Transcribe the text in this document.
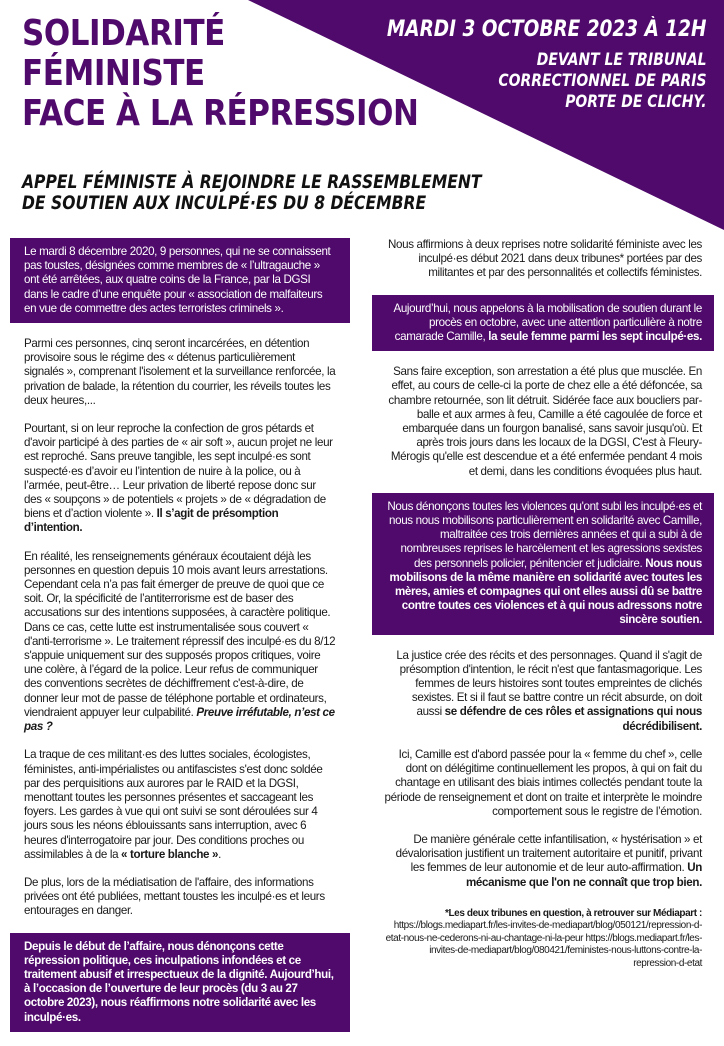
SOLIDARITÉ
FÉMINISTE
FACE À LA RÉPRESSION
MARDI 3 OCTOBRE 2023 À 12H
DEVANT LE TRIBUNAL
CORRECTIONNEL DE PARIS
PORTE DE CLICHY.
APPEL FÉMINISTE À REJOINDRE LE RASSEMBLEMENT
DE SOUTIEN AUX INCULPÉ·ES DU 8 DÉCEMBRE

Le mardi 8 décembre 2020, 9 personnes, qui ne se connaissent pas toustes, désignées comme membres de « l’ultragauche » ont été arrêtées, aux quatre coins de la France, par la DGSI dans le cadre d’une enquête pour « association de malfaiteurs en vue de commettre des actes terroristes criminels ».

Parmi ces personnes, cinq seront incarcérées, en détention provisoire sous le régime des « détenus particulièrement signalés », comprenant l'isolement et la surveillance renforcée, la privation de balade, la rétention du courrier, les réveils toutes les deux heures,...

Pourtant, si on leur reproche la confection de gros pétards et d'avoir participé à des parties de « air soft », aucun projet ne leur est reproché. Sans preuve tangible, les sept inculpé·es sont suspecté·es d’avoir eu l’intention de nuire à la police, ou à l’armée, peut-être… Leur privation de liberté repose donc sur des « soupçons » de potentiels « projets » de « dégradation de biens et d’action violente ». Il s’agit de présomption d’intention.

En réalité, les renseignements généraux écoutaient déjà les personnes en question depuis 10 mois avant leurs arrestations. Cependant cela n’a pas fait émerger de preuve de quoi que ce soit. Or, la spécificité de l’antiterrorisme est de baser des accusations sur des intentions supposées, à caractère politique. Dans ce cas, cette lutte est instrumentalisée sous couvert « d'anti-terrorisme ». Le traitement répressif des inculpé·es du 8/12 s'appuie uniquement sur des supposés propos critiques, voire une colère, à l’égard de la police. Leur refus de communiquer des conventions secrètes de déchiffrement c'est-à-dire, de donner leur mot de passe de téléphone portable et ordinateurs, viendraient appuyer leur culpabilité. Preuve irréfutable, n’est ce pas ?

La traque de ces militant·es des luttes sociales, écologistes, féministes, anti-impérialistes ou antifascistes s'est donc soldée par des perquisitions aux aurores par le RAID et la DGSI, menottant toutes les personnes présentes et saccageant les foyers. Les gardes à vue qui ont suivi se sont déroulées sur 4 jours sous les néons éblouissants sans interruption, avec 6 heures d'interrogatoire par jour. Des conditions proches ou assimilables à de la « torture blanche ».

De plus, lors de la médiatisation de l'affaire, des informations privées ont été publiées, mettant toustes les inculpé·es et leurs entourages en danger.

Depuis le début de l’affaire, nous dénonçons cette répression politique, ces inculpations infondées et ce traitement abusif et irrespectueux de la dignité. Aujourd’hui, à l’occasion de l’ouverture de leur procès (du 3 au 27 octobre 2023), nous réaffirmons notre solidarité avec les inculpé·es.

Nous affirmions à deux reprises notre solidarité féministe avec les inculpé·es début 2021 dans deux tribunes* portées par des militantes et par des personnalités et collectifs féministes.

Aujourd’hui, nous appelons à la mobilisation de soutien durant le procès en octobre, avec une attention particulière à notre camarade Camille, la seule femme parmi les sept inculpé·es.

Sans faire exception, son arrestation a été plus que musclée. En effet, au cours de celle-ci la porte de chez elle a été défoncée, sa chambre retournée, son lit détruit. Sidérée face aux boucliers par-balle et aux armes à feu, Camille a été cagoulée de force et embarquée dans un fourgon banalisé, sans savoir jusqu'où. Et après trois jours dans les locaux de la DGSI, C'est à Fleury-Mérogis qu'elle est descendue et a été enfermée pendant 4 mois et demi, dans les conditions évoquées plus haut.

Nous dénonçons toutes les violences qu'ont subi les inculpé·es et nous nous mobilisons particulièrement en solidarité avec Camille, maltraitée ces trois dernières années et qui a subi à de nombreuses reprises le harcèlement et les agressions sexistes des personnels policier, pénitencier et judiciaire. Nous nous mobilisons de la même manière en solidarité avec toutes les mères, amies et compagnes qui ont elles aussi dû se battre contre toutes ces violences et à qui nous adressons notre sincère soutien.

La justice crée des récits et des personnages. Quand il s'agit de présomption d'intention, le récit n'est que fantasmagorique. Les femmes de leurs histoires sont toutes empreintes de clichés sexistes. Et si il faut se battre contre un récit absurde, on doit aussi se défendre de ces rôles et assignations qui nous décrédibilisent.

Ici, Camille est d'abord passée pour la « femme du chef », celle dont on délégitime continuellement les propos, à qui on fait du chantage en utilisant des biais intimes collectés pendant toute la période de renseignement et dont on traite et interprète le moindre comportement sous le registre de l’émotion.

De manière générale cette infantilisation, « hystérisation » et dévalorisation justifient un traitement autoritaire et punitif, privant les femmes de leur autonomie et de leur auto-affirmation. Un mécanisme que l'on ne connaît que trop bien.

*Les deux tribunes en question, à retrouver sur Médiapart :
https://blogs.mediapart.fr/les-invites-de-mediapart/blog/050121/repression-d-etat-nous-ne-cederons-ni-au-chantage-ni-la-peur https://blogs.mediapart.fr/les-invites-de-mediapart/blog/080421/feministes-nous-luttons-contre-la-repression-d-etat
